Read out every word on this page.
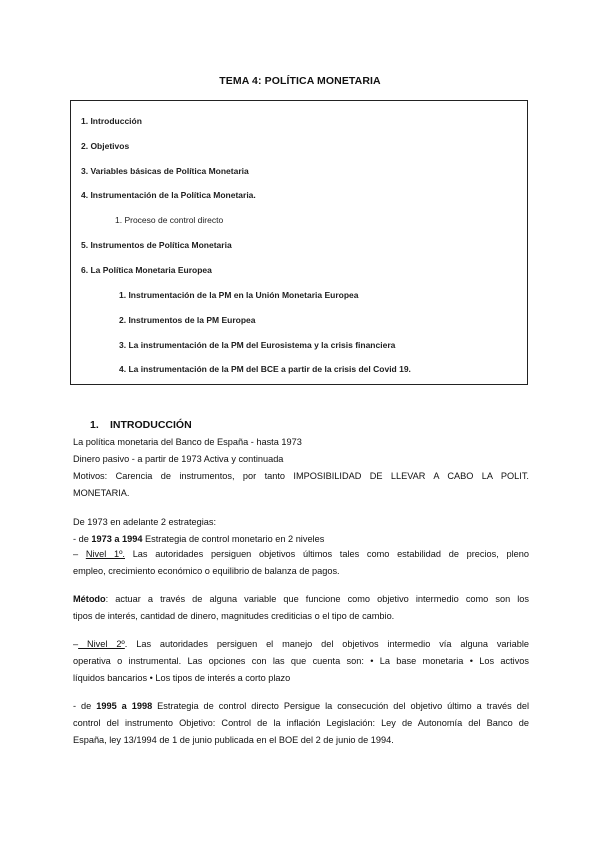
TEMA 4: POLÍTICA MONETARIA
1. Introducción
2. Objetivos
3. Variables básicas de Política Monetaria
4. Instrumentación de la Política Monetaria.
1. Proceso de control directo
5. Instrumentos de Política Monetaria
6. La Política Monetaria Europea
1. Instrumentación de la PM en la Unión Monetaria Europea
2. Instrumentos de la PM Europea
3. La instrumentación de la PM del Eurosistema y la crisis financiera
4. La instrumentación de la PM del BCE a partir de la crisis del Covid 19.
1. INTRODUCCIÓN
La política monetaria del Banco de España - hasta 1973
Dinero pasivo - a partir de 1973 Activa y continuada
Motivos: Carencia de instrumentos, por tanto IMPOSIBILIDAD DE LLEVAR A CABO LA POLIT.
MONETARIA.
De 1973 en adelante 2 estrategias:
- de 1973 a 1994 Estrategia de control monetario en 2 niveles
– Nivel 1º. Las autoridades persiguen objetivos últimos tales como estabilidad de precios, pleno
empleo, crecimiento económico o equilibrio de balanza de pagos.
Método: actuar a través de alguna variable que funcione como objetivo intermedio como son los
tipos de interés, cantidad de dinero, magnitudes crediticias o el tipo de cambio.
– Nivel 2º. Las autoridades persiguen el manejo del objetivos intermedio vía alguna variable
operativa o instrumental. Las opciones con las que cuenta son: • La base monetaria • Los activos
líquidos bancarios • Los tipos de interés a corto plazo
- de 1995 a 1998 Estrategia de control directo Persigue la consecución del objetivo último a través del
control del instrumento Objetivo: Control de la inflación Legislación: Ley de Autonomía del Banco de
España, ley 13/1994 de 1 de junio publicada en el BOE del 2 de junio de 1994.
